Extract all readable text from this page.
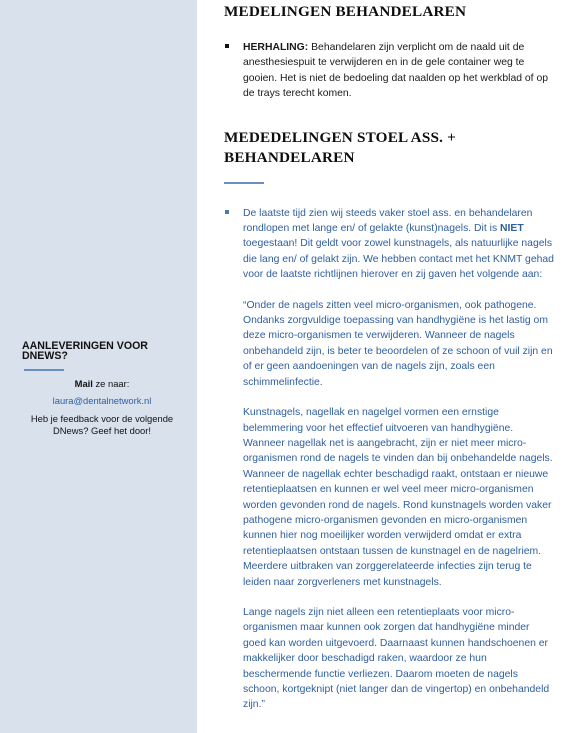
AANLEVERINGEN VOOR DNEWS?

Mail ze naar:

laura@dentalnetwork.nl

Heb je feedback voor de volgende DNews? Geef het door!

MEDELINGEN BEHANDELAREN

HERHALING: Behandelaren zijn verplicht om de naald uit de anesthesiespuit te verwijderen en in de gele container weg te gooien. Het is niet de bedoeling dat naalden op het werkblad of op de trays terecht komen.

MEDEDELINGEN STOEL ASS. + BEHANDELAREN

De laatste tijd zien wij steeds vaker stoel ass. en behandelaren rondlopen met lange en/ of gelakte (kunst)nagels. Dit is NIET toegestaan! Dit geldt voor zowel kunstnagels, als natuurlijke nagels die lang en/ of gelakt zijn. We hebben contact met het KNMT gehad voor de laatste richtlijnen hierover en zij gaven het volgende aan:

“Onder de nagels zitten veel micro-organismen, ook pathogene. Ondanks zorgvuldige toepassing van handhygiëne is het lastig om deze micro-organismen te verwijderen. Wanneer de nagels onbehandeld zijn, is beter te beoordelen of ze schoon of vuil zijn en of er geen aandoeningen van de nagels zijn, zoals een schimmelinfectie.

Kunstnagels, nagellak en nagelgel vormen een ernstige belemmering voor het effectief uitvoeren van handhygiëne. Wanneer nagellak net is aangebracht, zijn er niet meer micro-organismen rond de nagels te vinden dan bij onbehandelde nagels. Wanneer de nagellak echter beschadigd raakt, ontstaan er nieuwe retentieplaatsen en kunnen er wel veel meer micro-organismen worden gevonden rond de nagels. Rond kunstnagels worden vaker pathogene micro-organismen gevonden en micro-organismen kunnen hier nog moeilijker worden verwijderd omdat er extra retentieplaatsen ontstaan tussen de kunstnagel en de nagelriem. Meerdere uitbraken van zorggerelateerde infecties zijn terug te leiden naar zorgverleners met kunstnagels.

Lange nagels zijn niet alleen een retentieplaats voor micro-organismen maar kunnen ook zorgen dat handhygiëne minder goed kan worden uitgevoerd. Daarnaast kunnen handschoenen er makkelijker door beschadigd raken, waardoor ze hun beschermende functie verliezen. Daarom moeten de nagels schoon, kortgeknipt (niet langer dan de vingertop) en onbehandeld zijn.”
